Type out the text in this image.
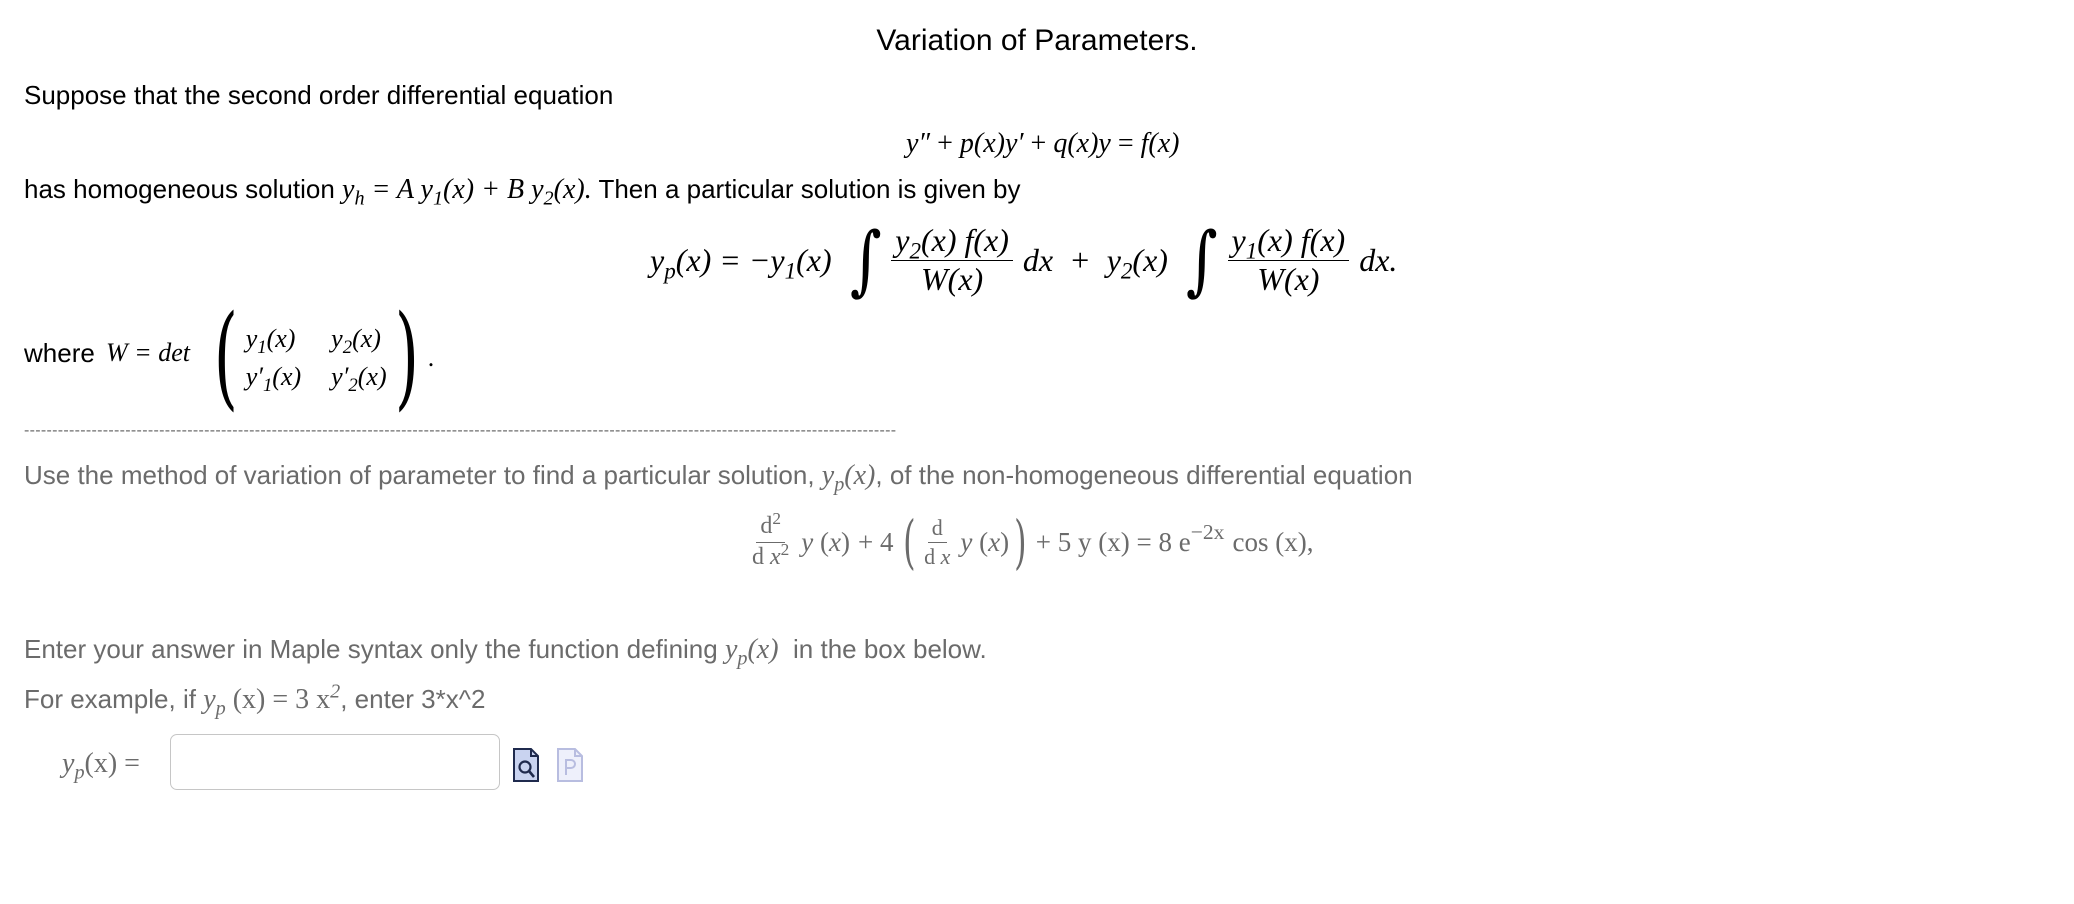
Variation of Parameters.
Suppose that the second order differential equation
y″ + p(x)y′ + q(x)y = f(x)
has homogeneous solution $y_h = A$ $y_1(x) + B$ $y_2(x)$. Then a particular solution is given by
$y_p(x) = -y_1(x)$ ∫ $\frac{y_2(x) f(x)}{W(x)}$ dx  +  $y_2(x)$ ∫ $\frac{y_1(x) f(x)}{W(x)}$ dx.
where W = det ( $y_1(x)$ $y_2(x)$
$y'_1(x)$ $y'_2(x)$ ) .
-----------------------------------------------------------------------------------------------------------------------------------------------------------
Use the method of variation of parameter to find a particular solution, $y_p(x)$, of the non-homogeneous differential equation
$\frac{d^2}{d x^2}$ y (x) + 4 ( $\frac{d}{\text{d x}}$ y (x) ) + 5 y (x) = 8 $e^{-2x}$ cos (x),
Enter your answer in Maple syntax only the function defining $y_p(x)$ in the box below.
For example, if $y_p$ (x) = 3 $x^2$, enter 3*x^2
$y_p(x)$ =
